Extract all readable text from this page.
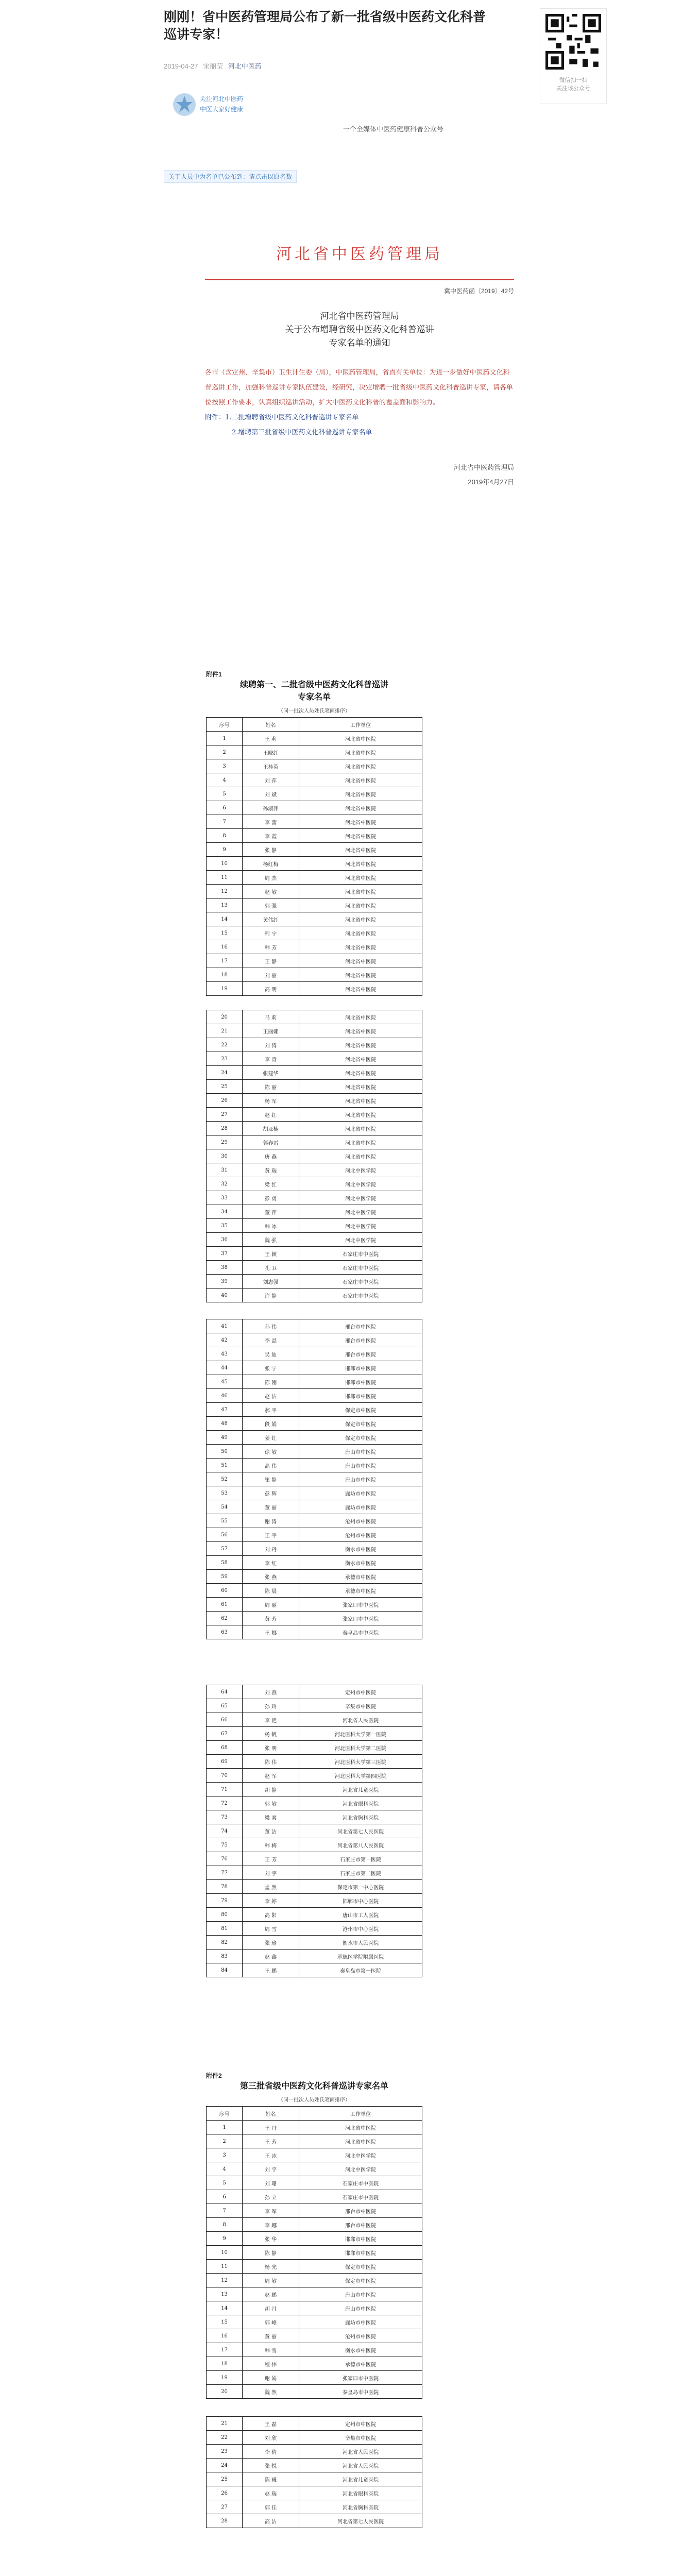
刚刚！省中医药管理局公布了新一批省级中医药文化科普巡讲专家！
2019-04-27 宋丽莹 河北中医药
关注河北中医药
中医大家好健康
一个全媒体中医药健康科普公众号
关于人员中为名单已公布到：请点击以原名数
河北省中医药管理局
冀中医药函〔2019〕42号
河北省中医药管理局
关于公布增聘省级中医药文化科普巡讲
专家名单的通知

各市（含定州、辛集市）卫生计生委（局），中医药管理局，省直有关单位：为进一步做好中医药文化科普巡讲工作，加强科普巡讲专家队伍建设，经研究，决定增聘一批省级中医药文化科普巡讲专家，请各单位按照工作要求，认真组织巡讲活动，扩大中医药文化科普的覆盖面和影响力。

附件：1.二批增聘省级中医药文化科普巡讲专家名单

2.增聘第三批省级中医药文化科普巡讲专家名单

河北省中医药管理局
2019年4月27日
微信扫一扫
关注该公众号
附件1
续聘第一、二批省级中医药文化科普巡讲
专家名单
（同一批次人员姓氏笔画排序）
序号	姓名	工作单位
1	王 莉	河北省中医院
2	王晓红	河北省中医院
3	王桂英	河北省中医院
4	刘 萍	河北省中医院
5	刘 斌	河北省中医院
6	孙淑萍	河北省中医院
7	李 蕾	河北省中医院
8	李 霞	河北省中医院
9	张 静	河北省中医院
10	杨红梅	河北省中医院
11	周 杰	河北省中医院
12	赵 敏	河北省中医院
13	郭 强	河北省中医院
14	黄伟红	河北省中医院
15	程 宁	河北省中医院
16	韩 芳	河北省中医院
17	王 静	河北省中医院
18	刘 丽	河北省中医院
19	高 明	河北省中医院
20	马 莉	河北省中医院
21	王丽娜	河北省中医院
22	刘 涛	河北省中医院
23	李 青	河北省中医院
24	张建华	河北省中医院
25	陈 丽	河北省中医院
26	杨 军	河北省中医院
27	赵 红	河北省中医院
28	胡亚楠	河北省中医院
29	郭春雷	河北省中医院
30	唐 燕	河北省中医院
31	黄 瑞	河北中医学院
32	梁 红	河北中医学院
33	彭 勇	河北中医学院
34	董 萍	河北中医学院
35	韩 冰	河北中医学院
36	魏 强	河北中医学院
37	王 颖	石家庄市中医院
38	孔 卫	石家庄市中医院
39	刘志强	石家庄市中医院
40	许 静	石家庄市中医院
41	孙 伟	邢台市中医院
42	李 晶	邢台市中医院
43	吴 迪	邢台市中医院
44	张 宁	邯郸市中医院
45	陈 刚	邯郸市中医院
46	赵 洁	邯郸市中医院
47	郝 平	保定市中医院
48	段 娟	保定市中医院
49	姜 红	保定市中医院
50	徐 敏	唐山市中医院
51	高 伟	唐山市中医院
52	崔 静	唐山市中医院
53	彭 辉	廊坊市中医院
54	董 丽	廊坊市中医院
55	谢 涛	沧州市中医院
56	王 平	沧州市中医院
57	刘 丹	衡水市中医院
58	李 红	衡水市中医院
59	张 燕	承德市中医院
60	陈 晨	承德市中医院
61	周 丽	张家口市中医院
62	黄 芳	张家口市中医院
63	王 娜	秦皇岛市中医院
64	刘 燕	定州市中医院
65	孙 玲	辛集市中医院
66	李 艳	河北省人民医院
67	杨 帆	河北医科大学第一医院
68	张 明	河北医科大学第二医院
69	陈 伟	河北医科大学第三医院
70	赵 军	河北医科大学第四医院
71	胡 静	河北省儿童医院
72	郭 敏	河北省眼科医院
73	梁 爽	河北省胸科医院
74	董 洁	河北省第七人民医院
75	韩 梅	河北省第八人民医院
76	王 芳	石家庄市第一医院
77	刘 宇	石家庄市第二医院
78	孟 然	保定市第一中心医院
79	李 婷	邯郸市中心医院
80	高 阳	唐山市工人医院
81	周 雪	沧州市中心医院
82	张 瑜	衡水市人民医院
83	赵 鑫	承德医学院附属医院
84	王 鹏	秦皇岛市第一医院
附件2
第三批省级中医药文化科普巡讲专家名单
（同一批次人员姓氏笔画排序）
序号	姓名	工作单位
1	王 丹	河北省中医院
2	王 芳	河北省中医院
3	王 冰	河北中医学院
4	刘 宇	河北中医学院
5	刘 珊	石家庄市中医院
6	孙 立	石家庄市中医院
7	李 军	邢台市中医院
8	李 娜	邢台市中医院
9	张 华	邯郸市中医院
10	陈 静	邯郸市中医院
11	杨 光	保定市中医院
12	周 敏	保定市中医院
13	赵 鹏	唐山市中医院
14	胡 月	唐山市中医院
15	郭 峰	廊坊市中医院
16	黄 丽	沧州市中医院
17	韩 雪	衡水市中医院
18	程 伟	承德市中医院
19	谢 娟	张家口市中医院
20	魏 然	秦皇岛市中医院
21	王 磊	定州市中医院
22	刘 欣	辛集市中医院
23	李 倩	河北省人民医院
24	张 悦	河北省人民医院
25	陈 曦	河北省儿童医院
26	赵 瑞	河北省眼科医院
27	郭 佳	河北省胸科医院
28	高 洁	河北省第七人民医院
